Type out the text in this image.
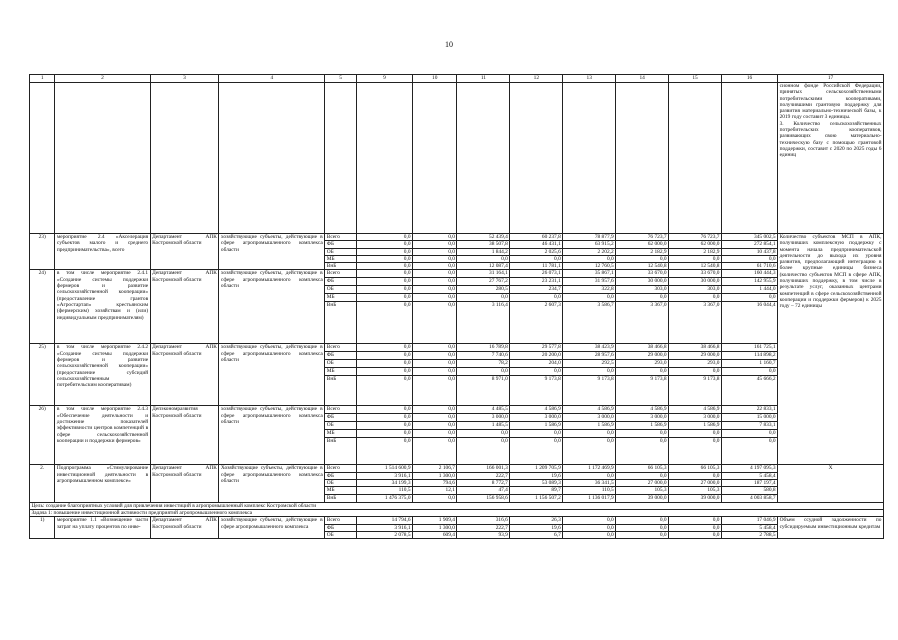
10
1	2	3	4	5	9	10	11	12	13	14	15	16	17
													сионном фонде Российской Федерации, принятых сельскохозяйственными потребительскими кооперативами, получившими грантовую поддержку для развития материально-технической базы, к 2019 году составит 3 единицы.
3. Количество сельскохозяйственных потребительских кооперативов, развивающих свою материально-техническую базу с помощью грантовой поддержки, составит с 2020 по 2025 годы 6 единиц
23)	мероприятие 2.4 «Акселерация субъектов малого и среднего предпринимательства», всего	Департамент АПК Костромской области	хозяйствующие субъекты, действующие в сфере агропромышленного комплекса области	Всего	0,0	0,0	52 439,4	60 237,8	78 877,9	76 723,7	76 723,7	345 002,5	Количество субъектов МСП в АПК, получивших комплексную поддержку с момента начала предпринимательской деятельности до выхода их уровня развития, предполагающий интеграцию в более крупные единицы бизнеса (количество субъектов МСП в сфере АПК, получивших поддержку, в том числе в результате услуг, оказанных центрами компетенций в сфере сельскохозяйственной кооперации и поддержки фермеров) к 2025 году – 72 единицы
				ФБ	0,0	0,0	38 507,8	46 431,1	63 915,2	62 000,0	62 000,0	272 854,1	
				ОБ	0,0	0,0	1 844,2	2 025,6	2 202,2	2 182,9	2 182,9	10 437,8	
				МБ	0,0	0,0	0,0	0,0	0,0	0,0	0,0	0,0	
				ВнБ	0,0	0,0	12 087,4	11 781,1	12 760,5	12 540,8	12 540,8	61 710,6	
24)	в том числе мероприятие 2.4.1 «Создание системы поддержки фермеров и развитие сельскохозяйственной кооперации» (предоставление грантов «Агростартап» крестьянским (фермерским) хозяйствам и (или) индивидуальным предпринимателям)	Департамент АПК Костромской области	хозяйствующие субъекты, действующие в сфере агропромышленного комплекса области	Всего	0,0	0,0	31 164,1	26 073,1	35 867,1	33 670,0	33 670,0	160 444,3	
				ФБ	0,0	0,0	27 767,2	23 231,1	31 957,6	30 000,0	30 000,0	142 955,9	
				ОБ	0,0	0,0	280,5	234,7	322,8	303,0	303,0	1 444,0	
				МБ	0,0	0,0	0,0	0,0	0,0	0,0	0,0	0,0	
				ВнБ	0,0	0,0	3 116,4	2 607,3	3 586,7	3 367,0	3 367,0	16 044,4	
25)	в том числе мероприятие 2.4.2 «Создание системы поддержки фермеров и развитие сельскохозяйственной кооперации» (предоставление субсидий сельскохозяйственным потребительским кооперативам)	Департамент АПК Костромской области	хозяйствующие субъекты, действующие в сфере агропромышленного комплекса области	Всего	0,0	0,0	16 789,8	29 577,8	38 423,9	38 466,8	38 466,8	161 725,1	
				ФБ	0,0	0,0	7 740,6	20 200,0	28 957,6	29 000,0	29 000,0	114 898,2	
				ОБ	0,0	0,0	78,2	204,0	292,5	293,0	293,0	1 160,7	
				МБ	0,0	0,0	0,0	0,0	0,0	0,0	0,0	0,0	
				ВнБ	0,0	0,0	8 971,0	9 173,8	9 173,8	9 173,8	9 173,8	45 666,2	
26)	в том числе мероприятие 2.4.3 «Обеспечение деятельности и достижение показателей эффективности центров компетенций в сфере сельскохозяйственной кооперации и поддержки фермеров»	Депэкономразвития Костромской области	хозяйствующие субъекты, действующие в сфере агропромышленного комплекса области	Всего	0,0	0,0	4 485,5	4 586,9	4 586,9	4 586,9	4 586,9	22 833,1	
				ФБ	0,0	0,0	3 000,0	3 000,0	3 000,0	3 000,0	3 000,0	15 000,0	
				ОБ	0,0	0,0	1 485,5	1 586,9	1 586,9	1 586,9	1 586,9	7 833,1	
				МБ	0,0	0,0	0,0	0,0	0,0	0,0	0,0	0,0	
				ВнБ	0,0	0,0	0,0	0,0	0,0	0,0	0,0	0,0	
2.	Подпрограмма «Стимулирование инвестиционной деятельности в агропромышленном комплексе»	Департамент АПК Костромской области	Хозяйствующие субъекты, действующие в сфере агропромышленного комплекса области	Всего	1 514 600,9	2 106,7	166 001,3	1 209 705,9	1 172 469,9	66 105,3	66 105,3	4 197 095,3	X
				ФБ	3 916,1	1 300,0	222,7	19,6	0,0	0,0	0,0	5 458,4	
				ОБ	34 199,3	794,6	8 772,7	53 089,3	36 341,5	27 000,0	27 000,0	187 197,4	
				МБ	110,5	12,1	47,4	89,7	110,5	105,3	105,3	580,8	
				ВнБ	1 476 375,0	0,0	156 958,6	1 156 507,2	1 136 017,9	39 000,0	39 000,0	4 003 858,7	
Цель: создание благоприятных условий для привлечения инвестиций в агропромышленный комплекс Костромской области													
Задача 1: повышение инвестиционной активности предприятий агропромышленного комплекса													
1)	мероприятие 1.1 «Возмещение части затрат на уплату процентов по инве-	Департамент АПК Костромской области	хозяйствующие субъекты, действующие в сфере агропромышленного комплекса	Всего	14 794,6	1 909,4	316,6	26,3	0,0	0,0	0,0	17 046,9	Объем ссудной задолженности по субсидируемым инвестиционным кредитам
				ФБ	3 916,1	1 300,0	222,7	19,6	0,0	0,0	0,0	5 458,4	
				ОБ	2 078,5	609,4	93,9	6,7	0,0	0,0	0,0	2 788,5	
